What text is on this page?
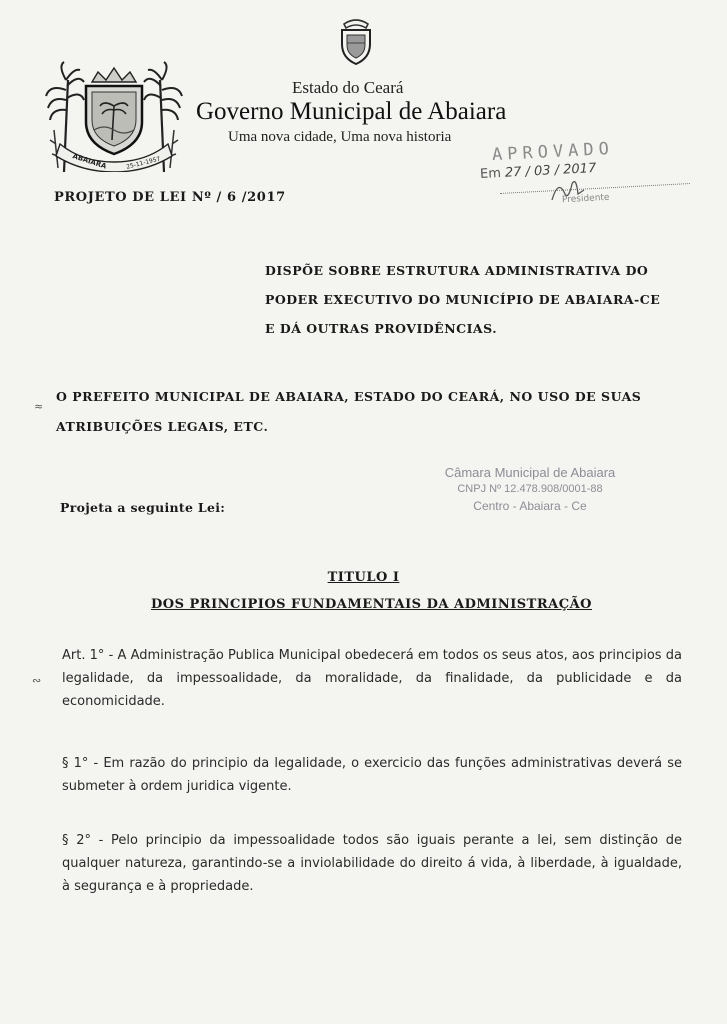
ABAIARA	25-11-1957
Estado do Ceará
Governo Municipal de Abaiara
Uma nova cidade, Uma nova historia
APROVADO
Em 27 / 03 / 2017
Presidente
PROJETO DE LEI Nº / 6 /2017
DISPÕE SOBRE ESTRUTURA ADMINISTRATIVA DO
PODER EXECUTIVO DO MUNICÍPIO DE ABAIARA-CE
E DÁ OUTRAS PROVIDÊNCIAS.
≈
O PREFEITO MUNICIPAL DE ABAIARA, ESTADO DO CEARÁ, NO USO DE SUAS
ATRIBUIÇÕES LEGAIS, ETC.
Câmara Municipal de Abaiara
CNPJ Nº 12.478.908/0001-88
Centro - Abaiara - Ce
Projeta a seguinte Lei:
TITULO I
DOS PRINCIPIOS FUNDAMENTAIS DA ADMINISTRAÇÃO
∾
Art. 1° - A Administração Publica Municipal obedecerá em todos os seus atos, aos principios da legalidade, da impessoalidade, da moralidade, da finalidade, da publicidade e da economicidade.
§ 1° - Em razão do principio da legalidade, o exercicio das funções administrativas deverá se submeter à ordem juridica vigente.
§ 2° - Pelo principio da impessoalidade todos são iguais perante a lei, sem distinção de qualquer natureza, garantindo-se a inviolabilidade do direito á vida, à liberdade, à igualdade, à segurança e à propriedade.
